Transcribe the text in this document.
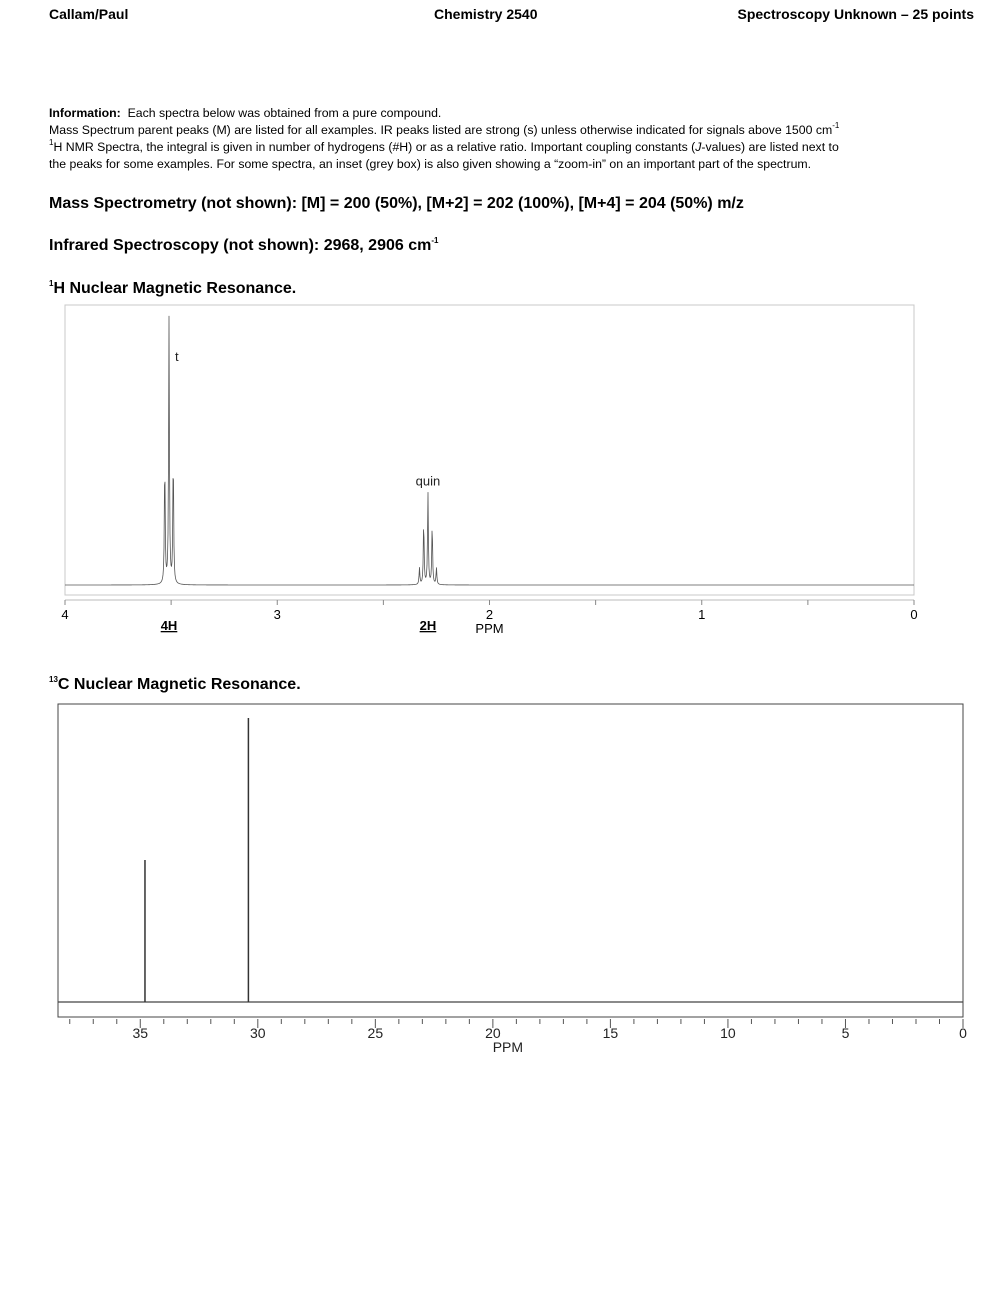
Callam/Paul	Chemistry 2540	Spectroscopy Unknown – 25 points

Information: Each spectra below was obtained from a pure compound.

Mass Spectrum parent peaks (M) are listed for all examples. IR peaks listed are strong (s) unless otherwise indicated for signals above 1500 $cm^{-1}$

$^1$H NMR Spectra, the integral is given in number of hydrogens (#H) or as a relative ratio. Important coupling constants (J-values) are listed next to

the peaks for some examples. For some spectra, an inset (grey box) is also given showing a “zoom-in” on an important part of the spectrum.

Mass Spectrometry (not shown): [M] = 200 (50%), [M+2] = 202 (100%), [M+4] = 204 (50%) m/z
Infrared Spectroscopy (not shown): 2968, 2906 $cm^{-1}$
$^1$H Nuclear Magnetic Resonance.
$^{13}$C Nuclear Magnetic Resonance.
t
4H
quin
2H
4	3	2	1	0
PPM
35	30	25	20	15	10	5	0
PPM
